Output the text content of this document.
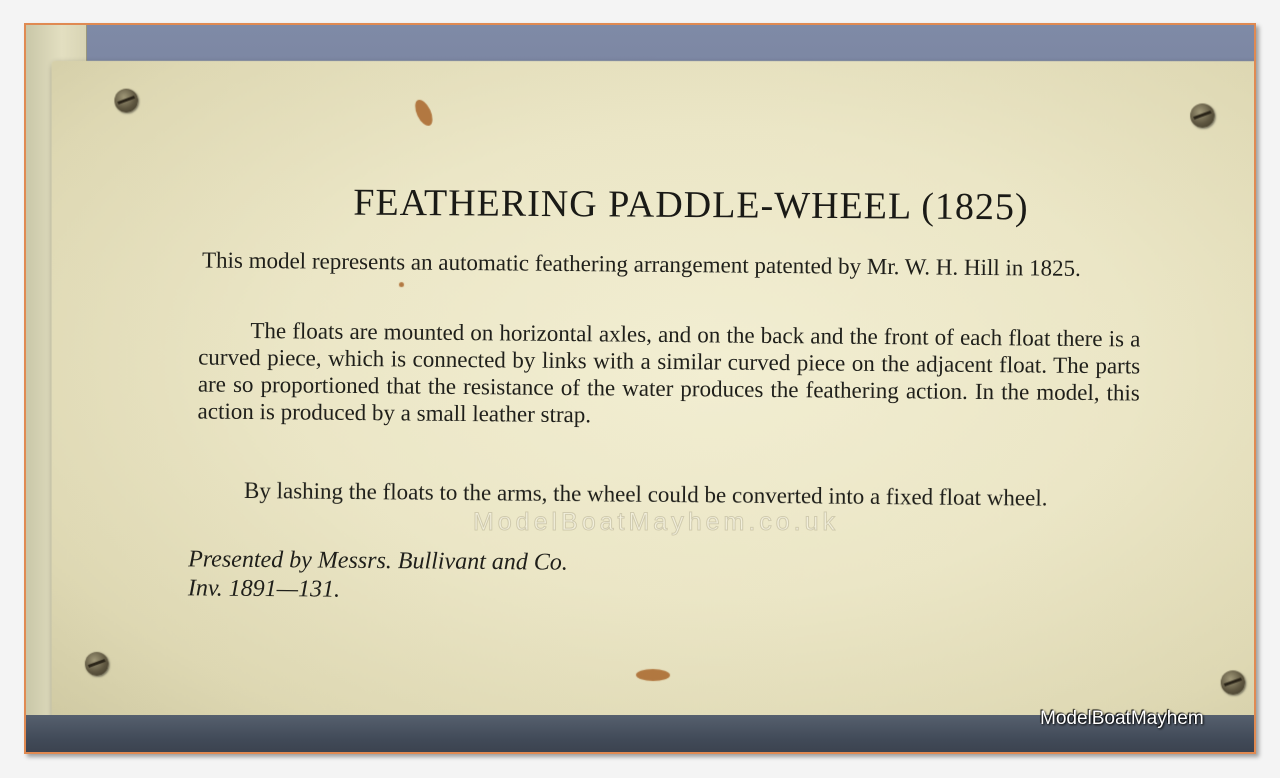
FEATHERING PADDLE-WHEEL (1825)
This model represents an automatic feathering arrangement patented by Mr. W. H. Hill in 1825.
The floats are mounted on horizontal axles, and on the back and the front of each float there is a curved piece, which is connected by links with a similar curved piece on the adjacent float. The parts are so proportioned that the resistance of the water produces the feathering action. In the model, this action is produced by a small leather strap.
By lashing the floats to the arms, the wheel could be converted into a fixed float wheel.
Presented by Messrs. Bullivant and Co.
Inv. 1891—131.
ModelBoatMayhem.co.uk
ModelBoatMayhem
